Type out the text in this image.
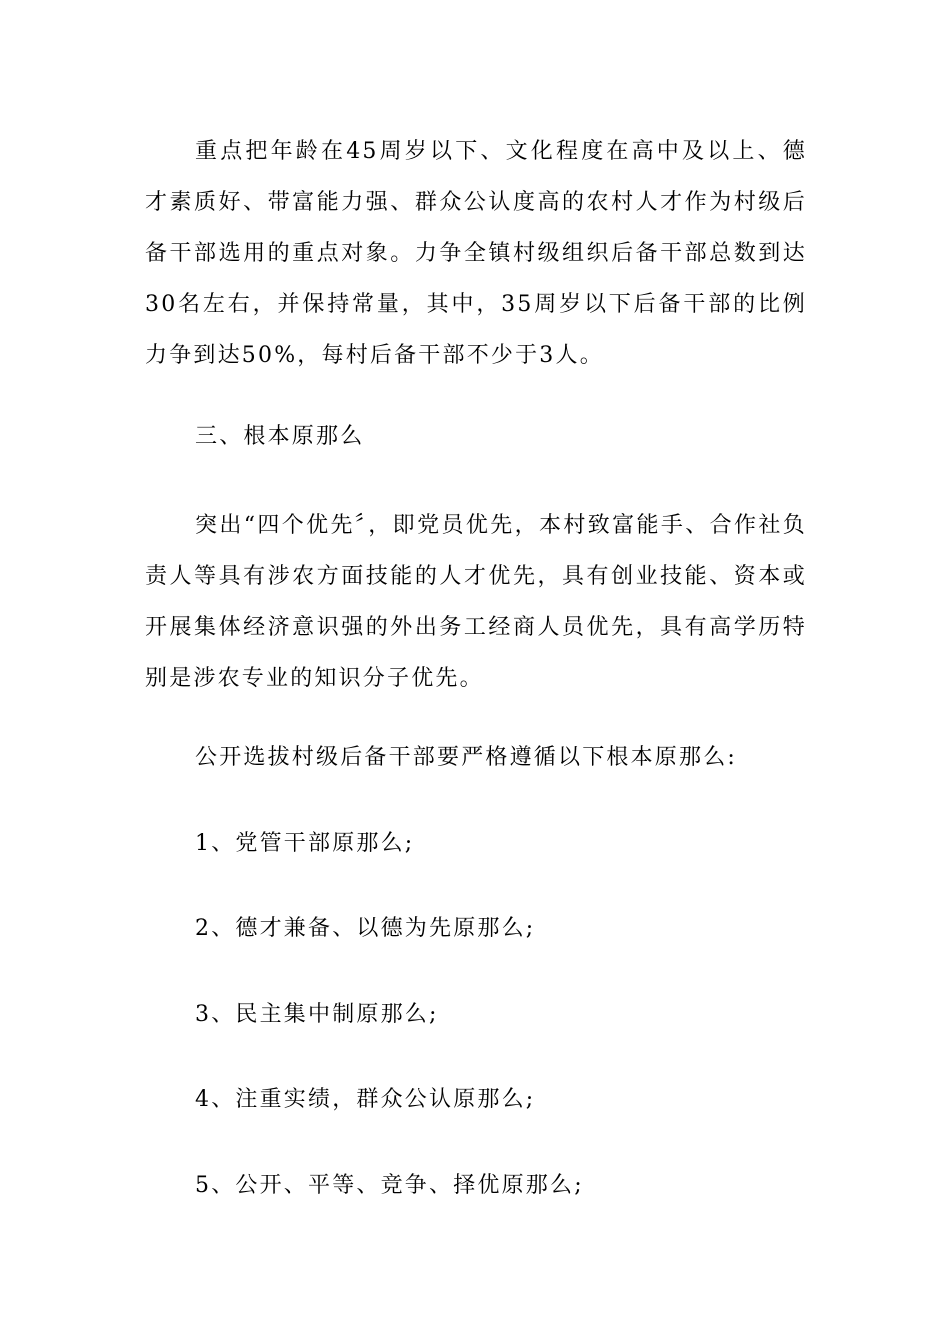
重点把年龄在45周岁以下、文化程度在高中及以上、德才素质好、带富能力强、群众公认度高的农村人才作为村级后备干部选用的重点对象。力争全镇村级组织后备干部总数到达30名左右，并保持常量，其中，35周岁以下后备干部的比例力争到达50%，每村后备干部不少于3人。

三、根本原那么

突出“四个优先〞，即党员优先，本村致富能手、合作社负责人等具有涉农方面技能的人才优先，具有创业技能、资本或开展集体经济意识强的外出务工经商人员优先，具有高学历特别是涉农专业的知识分子优先。

公开选拔村级后备干部要严格遵循以下根本原那么:

1、党管干部原那么;

2、德才兼备、以德为先原那么;

3、民主集中制原那么;

4、注重实绩，群众公认原那么;

5、公开、平等、竞争、择优原那么;
